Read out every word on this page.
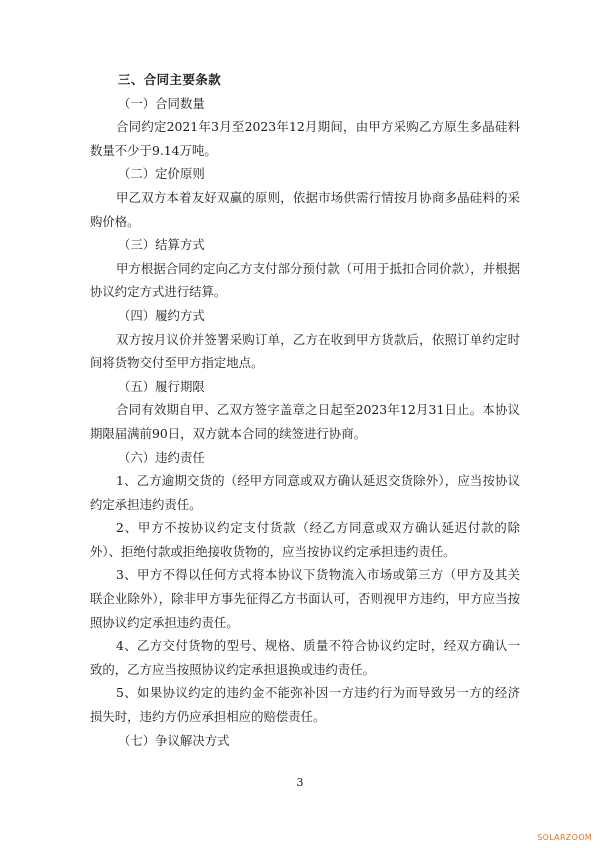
三、合同主要条款

（一）合同数量

合同约定2021年3月至2023年12月期间，由甲方采购乙方原生多晶硅料数量不少于9.14万吨。

（二）定价原则

甲乙双方本着友好双赢的原则，依据市场供需行情按月协商多晶硅料的采购价格。

（三）结算方式

甲方根据合同约定向乙方支付部分预付款（可用于抵扣合同价款），并根据协议约定方式进行结算。

（四）履约方式

双方按月议价并签署采购订单，乙方在收到甲方货款后，依照订单约定时间将货物交付至甲方指定地点。

（五）履行期限

合同有效期自甲、乙双方签字盖章之日起至2023年12月31日止。本协议期限届满前90日，双方就本合同的续签进行协商。

（六）违约责任

1、乙方逾期交货的（经甲方同意或双方确认延迟交货除外），应当按协议约定承担违约责任。

2、甲方不按协议约定支付货款（经乙方同意或双方确认延迟付款的除外）、拒绝付款或拒绝接收货物的，应当按协议约定承担违约责任。

3、甲方不得以任何方式将本协议下货物流入市场或第三方（甲方及其关联企业除外），除非甲方事先征得乙方书面认可，否则视甲方违约，甲方应当按照协议约定承担违约责任。

4、乙方交付货物的型号、规格、质量不符合协议约定时，经双方确认一致的，乙方应当按照协议约定承担退换或违约责任。

5、如果协议约定的违约金不能弥补因一方违约行为而导致另一方的经济损失时，违约方仍应承担相应的赔偿责任。

（七）争议解决方式

3
SOLARZOOM
